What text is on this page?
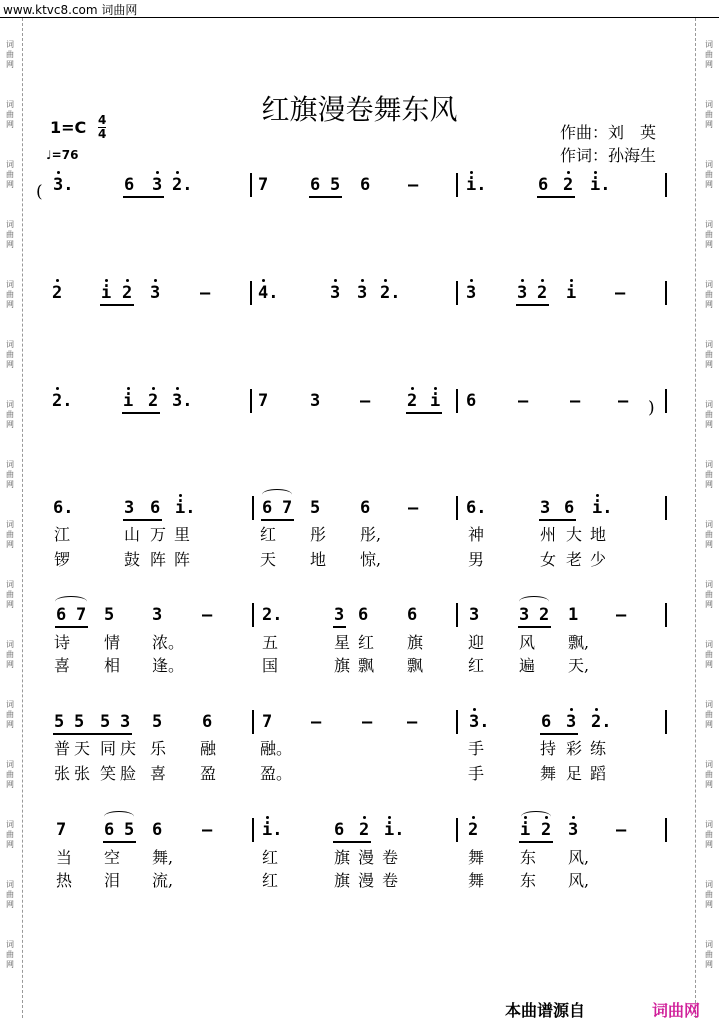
www.ktvc8.com 词曲网
词
曲
网
词
曲
网
词
曲
网
词
曲
网
词
曲
网
词
曲
网
词
曲
网
词
曲
网
词
曲
网
词
曲
网
词
曲
网
词
曲
网
词
曲
网
词
曲
网
词
曲
网
词
曲
网
词
曲
网
词
曲
网
词
曲
网
词
曲
网
词
曲
网
词
曲
网
词
曲
网
词
曲
网
词
曲
网
词
曲
网
词
曲
网
词
曲
网
词
曲
网
词
曲
网
词
曲
网
词
曲
网
红旗漫卷舞东风
1=C 4
4
♩=76
作曲：刘　英
作词：孙海生
( 3.	6 3 2.	7 6 5 6 –	i.	6 2 i.
2 i 2 3 –	4.	3 3 2.	3 3 2 i –
)
2.	i 2 3.	7 3 – 2 i 6 – – –
6.	3 6 i.	6 7 5 6 –	6.	3 6 i.
6 7 5 3 –	2.	3 6 6	3 3 2 1 –
5 5 5 3 5 6	7 – – –	3.	6 3 2.
7 6 5 6 –	i.	6 2 i.	2 i 2 3 –
江	山 万 里	红 彤 彤,	神	州 大 地
锣	鼓 阵 阵	天 地 惊,	男	女 老 少
诗 情 浓。	五	星 红 旗	迎 风 飘,
喜 相 逢。	国	旗 飘 飘	红 遍 天,
普 天 同 庆 乐 融	融。	手	持 彩 练
张 张 笑 脸 喜 盈	盈。	手	舞 足 蹈
当 空 舞,	红	旗 漫 卷	舞 东 风,
热 泪 流,	红	旗 漫 卷	舞 东 风,
本曲谱源自	词曲网
